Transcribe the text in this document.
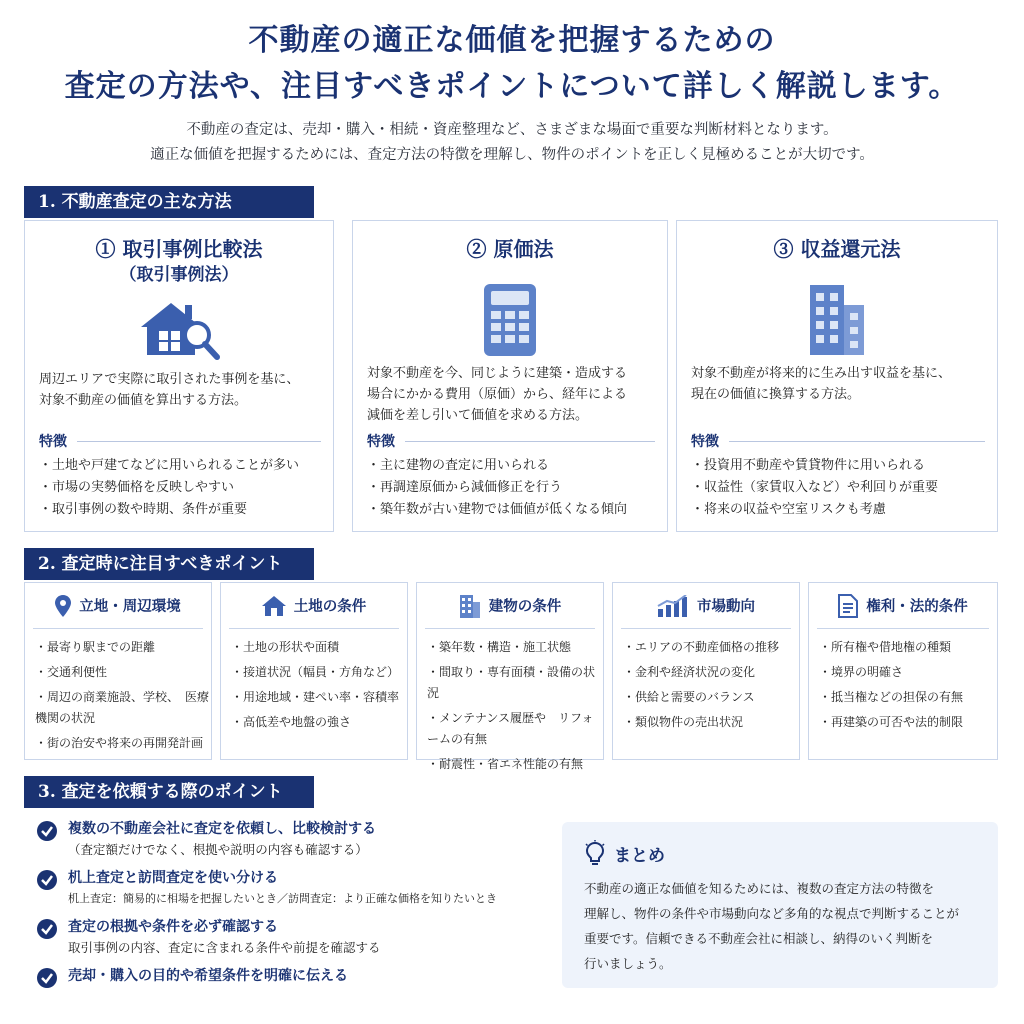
不動産の適正な価値を把握するための
査定の方法や、注目すべきポイントについて詳しく解説します。
不動産の査定は、売却・購入・相続・資産整理など、さまざまな場面で重要な判断材料となります。
適正な価値を把握するためには、査定方法の特徴を理解し、物件のポイントを正しく見極めることが大切です。
1. 不動産査定の主な方法
① 取引事例比較法
（取引事例法）
周辺エリアで実際に取引された事例を基に、
対象不動産の価値を算出する方法。
特徴
・土地や戸建てなどに用いられることが多い
・市場の実勢価格を反映しやすい
・取引事例の数や時期、条件が重要
② 原価法
対象不動産を今、同じように建築・造成する
場合にかかる費用（原価）から、経年による
減価を差し引いて価値を求める方法。
特徴
・主に建物の査定に用いられる
・再調達原価から減価修正を行う
・築年数が古い建物では価値が低くなる傾向
③ 収益還元法
対象不動産が将来的に生み出す収益を基に、
現在の価値に換算する方法。
特徴
・投資用不動産や賃貸物件に用いられる
・収益性（家賃収入など）や利回りが重要
・将来の収益や空室リスクも考慮
2. 査定時に注目すべきポイント
立地・周辺環境
・最寄り駅までの距離
・交通利便性
・周辺の商業施設、学校、　医療機関の状況
・街の治安や将来の再開発計画
土地の条件
・土地の形状や面積
・接道状況（幅員・方角など）
・用途地域・建ぺい率・容積率
・高低差や地盤の強さ
建物の条件
・築年数・構造・施工状態
・間取り・専有面積・設備の状況
・メンテナンス履歴や　リフォームの有無
・耐震性・省エネ性能の有無
市場動向
・エリアの不動産価格の推移
・金利や経済状況の変化
・供給と需要のバランス
・類似物件の売出状況
権利・法的条件
・所有権や借地権の種類
・境界の明確さ
・抵当権などの担保の有無
・再建築の可否や法的制限
3. 査定を依頼する際のポイント
複数の不動産会社に査定を依頼し、比較検討する
（査定額だけでなく、根拠や説明の内容も確認する）
机上査定と訪問査定を使い分ける
机上査定：簡易的に相場を把握したいとき／訪問査定：より正確な価格を知りたいとき
査定の根拠や条件を必ず確認する
取引事例の内容、査定に含まれる条件や前提を確認する
売却・購入の目的や希望条件を明確に伝える
まとめ
不動産の適正な価値を知るためには、複数の査定方法の特徴を
理解し、物件の条件や市場動向など多角的な視点で判断することが
重要です。信頼できる不動産会社に相談し、納得のいく判断を
行いましょう。
